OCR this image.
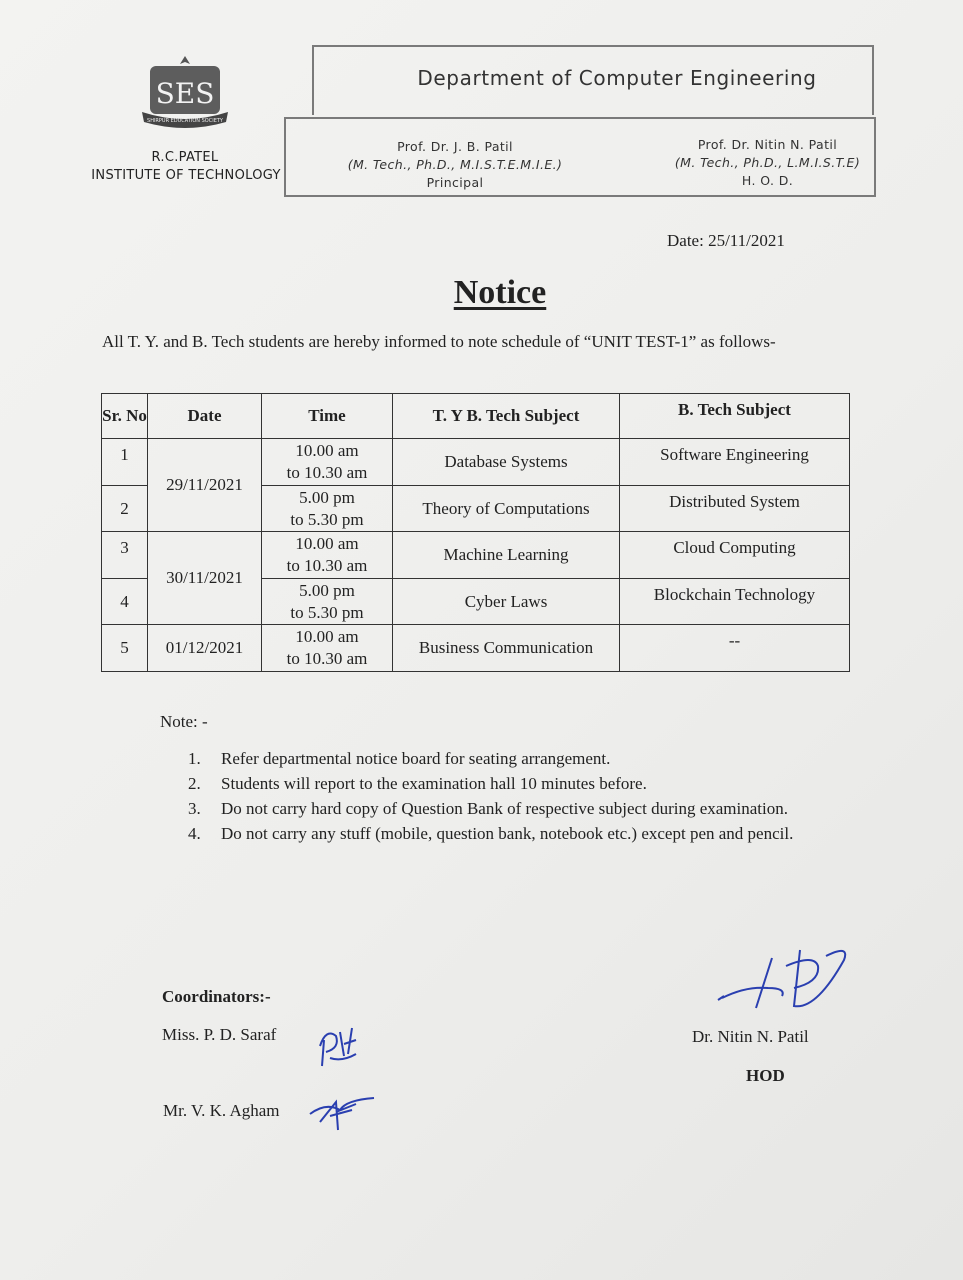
SES
SHIRPUR EDUCATION SOCIETY
R.C.PATEL
INSTITUTE OF TECHNOLOGY
Department of Computer Engineering
Prof. Dr. J. B. Patil
(M. Tech., Ph.D., M.I.S.T.E.M.I.E.)
Principal
Prof. Dr. Nitin N. Patil
(M. Tech., Ph.D., L.M.I.S.T.E)
H. O. D.
Date: 25/11/2021
Notice
All T. Y. and B. Tech students are hereby informed to note schedule of “UNIT TEST-1” as follows-
Sr. No	Date	Time	T. Y B. Tech Subject	B. Tech Subject
1	29/11/2021	10.00 am
to 10.30 am	Database Systems	Software Engineering
2		5.00 pm
to 5.30 pm	Theory of Computations	Distributed System
3	30/11/2021	10.00 am
to 10.30 am	Machine Learning	Cloud Computing
4		5.00 pm
to 5.30 pm	Cyber Laws	Blockchain Technology
5	01/12/2021	10.00 am
to 10.30 am	Business Communication	--
Note: -
1. Refer departmental notice board for seating arrangement.
2. Students will report to the examination hall 10 minutes before.
3. Do not carry hard copy of Question Bank of respective subject during examination.
4. Do not carry any stuff (mobile, question bank, notebook etc.) except pen and pencil.
Coordinators:-
Miss. P. D. Saraf
Mr. V. K. Agham
Dr. Nitin N. Patil
HOD
